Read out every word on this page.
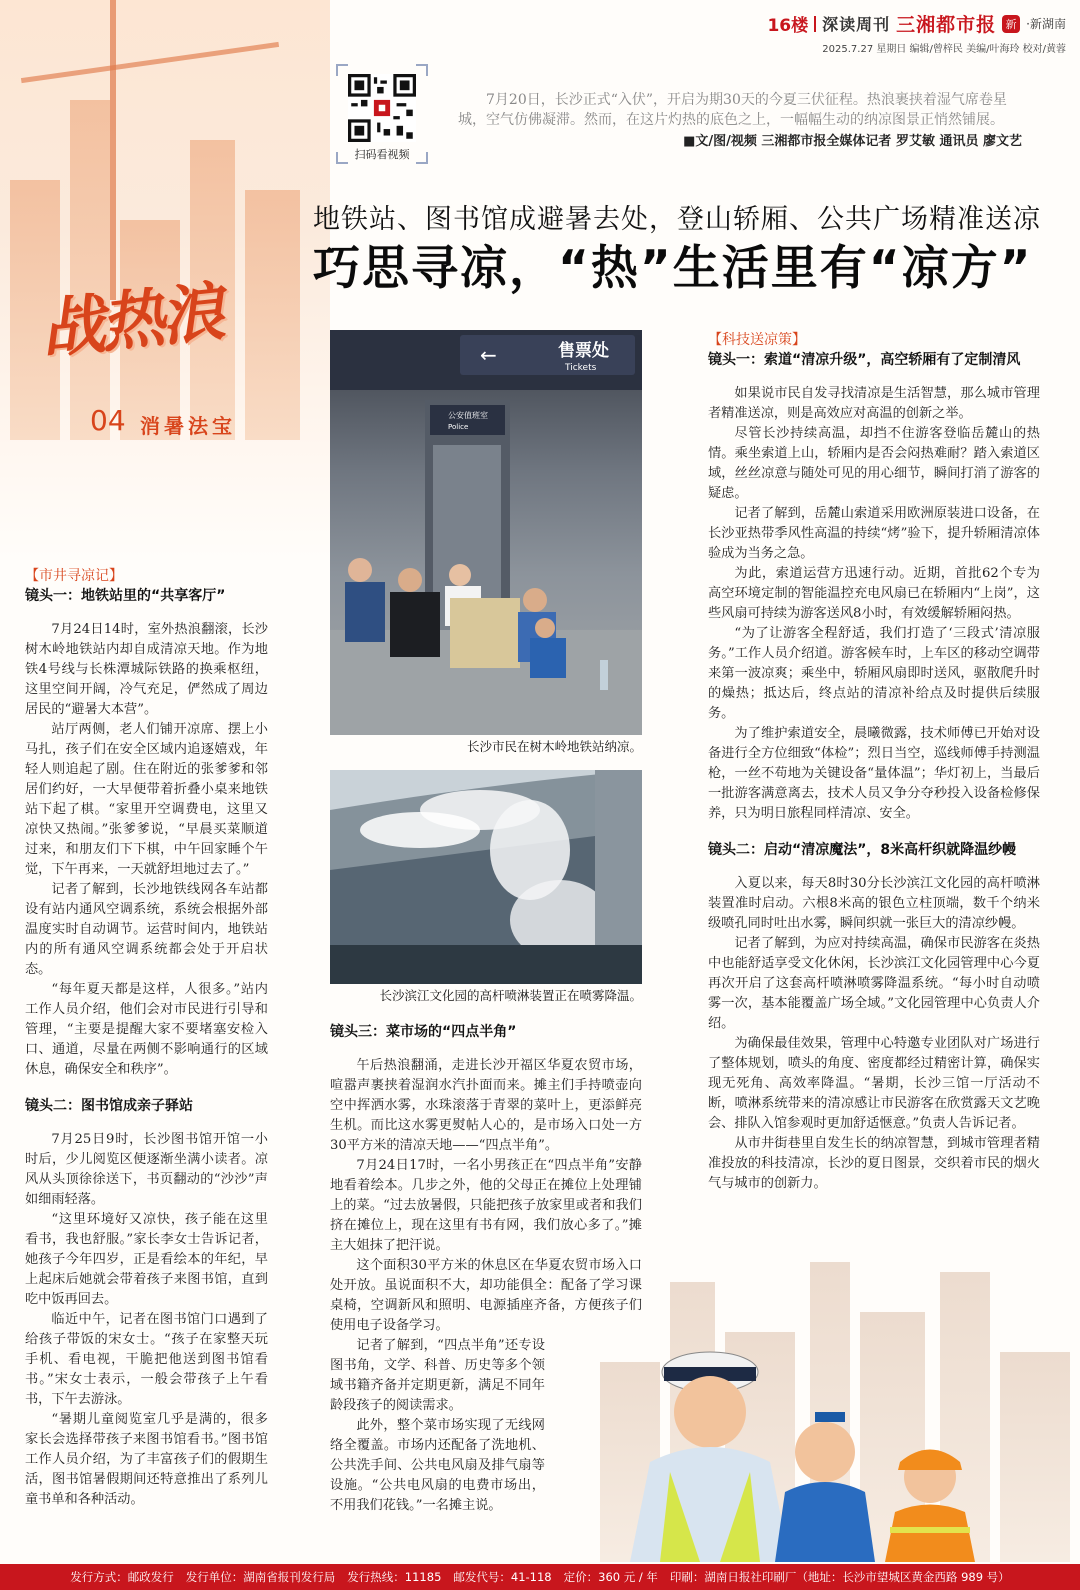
16楼 深读周刊 三湘都市报 新 ·新湖南
2025.7.27 星期日 编辑/曾梓民 美编/叶海玲 校对/黄蓉
扫码看视频

7月20日，长沙正式“入伏”，开启为期30天的今夏三伏征程。热浪裹挟着湿气席卷星城，空气仿佛凝滞。然而，在这片灼热的底色之上，一幅幅生动的纳凉图景正悄然铺展。

■文/图/视频 三湘都市报全媒体记者 罗艾敏 通讯员 廖文艺
地铁站、图书馆成避暑去处，登山轿厢、公共广场精准送凉
巧思寻凉，“热”生活里有“凉方”
战热浪
04 消暑法宝
【市井寻凉记】
镜头一：地铁站里的“共享客厅”

7月24日14时，室外热浪翻滚，长沙树木岭地铁站内却自成清凉天地。作为地铁4号线与长株潭城际铁路的换乘枢纽，这里空间开阔，冷气充足，俨然成了周边居民的“避暑大本营”。

站厅两侧，老人们铺开凉席、摆上小马扎，孩子们在安全区域内追逐嬉戏，年轻人则追起了剧。住在附近的张爹爹和邻居们约好，一大早便带着折叠小桌来地铁站下起了棋。“家里开空调费电，这里又凉快又热闹。”张爹爹说，“早晨买菜顺道过来，和朋友们下下棋，中午回家睡个午觉，下午再来，一天就舒坦地过去了。”

记者了解到，长沙地铁线网各车站都设有站内通风空调系统，系统会根据外部温度实时自动调节。运营时间内，地铁站内的所有通风空调系统都会处于开启状态。

“每年夏天都是这样，人很多。”站内工作人员介绍，他们会对市民进行引导和管理，“主要是提醒大家不要堵塞安检入口、通道，尽量在两侧不影响通行的区域休息，确保安全和秩序”。

镜头二：图书馆成亲子驿站

7月25日9时，长沙图书馆开馆一小时后，少儿阅览区便逐渐坐满小读者。凉风从头顶徐徐送下，书页翻动的“沙沙”声如细雨轻落。

“这里环境好又凉快，孩子能在这里看书，我也舒服。”家长李女士告诉记者，她孩子今年四岁，正是看绘本的年纪，早上起床后她就会带着孩子来图书馆，直到吃中饭再回去。

临近中午，记者在图书馆门口遇到了给孩子带饭的宋女士。“孩子在家整天玩手机、看电视，干脆把他送到图书馆看书。”宋女士表示，一般会带孩子上午看书，下午去游泳。

“暑期儿童阅览室几乎是满的，很多家长会选择带孩子来图书馆看书。”图书馆工作人员介绍，为了丰富孩子们的假期生活，图书馆暑假期间还特意推出了系列儿童书单和各种活动。

←	售票处
Tickets
公安值班室
Police
长沙市民在树木岭地铁站纳凉。
长沙滨江文化园的高杆喷淋装置正在喷雾降温。
镜头三：菜市场的“四点半角”

午后热浪翻涌，走进长沙开福区华夏农贸市场，喧嚣声裹挟着湿润水汽扑面而来。摊主们手持喷壶向空中挥洒水雾，水珠滚落于青翠的菜叶上，更添鲜亮生机。而比这水雾更熨帖人心的，是市场入口处一方30平方米的清凉天地——“四点半角”。

7月24日17时，一名小男孩正在“四点半角”安静地看着绘本。几步之外，他的父母正在摊位上处理铺上的菜。“过去放暑假，只能把孩子放家里或者和我们挤在摊位上，现在这里有书有网，我们放心多了。”摊主大姐抹了把汗说。

这个面积30平方米的休息区在华夏农贸市场入口处开放。虽说面积不大，却功能俱全：配备了学习课桌椅，空调新风和照明、电源插座齐备，方便孩子们使用电子设备学习。

记者了解到，“四点半角”还专设图书角，文学、科普、历史等多个领域书籍齐备并定期更新，满足不同年龄段孩子的阅读需求。

此外，整个菜市场实现了无线网络全覆盖。市场内还配备了洗地机、公共洗手间、公共电风扇及排气扇等设施。“公共电风扇的电费市场出，不用我们花钱。”一名摊主说。

【科技送凉策】
镜头一：索道“清凉升级”，高空轿厢有了定制清风

如果说市民自发寻找清凉是生活智慧，那么城市管理者精准送凉，则是高效应对高温的创新之举。

尽管长沙持续高温，却挡不住游客登临岳麓山的热情。乘坐索道上山，轿厢内是否会闷热难耐？踏入索道区域，丝丝凉意与随处可见的用心细节，瞬间打消了游客的疑虑。

记者了解到，岳麓山索道采用欧洲原装进口设备，在长沙亚热带季风性高温的持续“烤”验下，提升轿厢清凉体验成为当务之急。

为此，索道运营方迅速行动。近期，首批62个专为高空环境定制的智能温控充电风扇已在轿厢内“上岗”，这些风扇可持续为游客送风8小时，有效缓解轿厢闷热。

“为了让游客全程舒适，我们打造了‘三段式’清凉服务。”工作人员介绍道。游客候车时，上车区的移动空调带来第一波凉爽；乘坐中，轿厢风扇即时送风，驱散爬升时的燥热；抵达后，终点站的清凉补给点及时提供后续服务。

为了维护索道安全，晨曦微露，技术师傅已开始对设备进行全方位细致“体检”；烈日当空，巡线师傅手持测温枪，一丝不苟地为关键设备“量体温”；华灯初上，当最后一批游客满意离去，技术人员又争分夺秒投入设备检修保养，只为明日旅程同样清凉、安全。

镜头二：启动“清凉魔法”，8米高杆织就降温纱幔

入夏以来，每天8时30分长沙滨江文化园的高杆喷淋装置准时启动。六根8米高的银色立柱顶端，数千个纳米级喷孔同时吐出水雾，瞬间织就一张巨大的清凉纱幔。

记者了解到，为应对持续高温，确保市民游客在炎热中也能舒适享受文化休闲，长沙滨江文化园管理中心今夏再次开启了这套高杆喷淋喷雾降温系统。“每小时自动喷雾一次，基本能覆盖广场全域。”文化园管理中心负责人介绍。

为确保最佳效果，管理中心特邀专业团队对广场进行了整体规划，喷头的角度、密度都经过精密计算，确保实现无死角、高效率降温。“暑期，长沙三馆一厅活动不断，喷淋系统带来的清凉感让市民游客在欣赏露天文艺晚会、排队入馆参观时更加舒适惬意。”负责人告诉记者。

从市井街巷里自发生长的纳凉智慧，到城市管理者精准投放的科技清凉，长沙的夏日图景，交织着市民的烟火气与城市的创新力。

发行方式：邮政发行 发行单位：湖南省报刊发行局 发行热线：11185 邮发代号：41-118 定价：360 元 / 年 印刷：湖南日报社印刷厂（地址：长沙市望城区黄金西路 989 号）
